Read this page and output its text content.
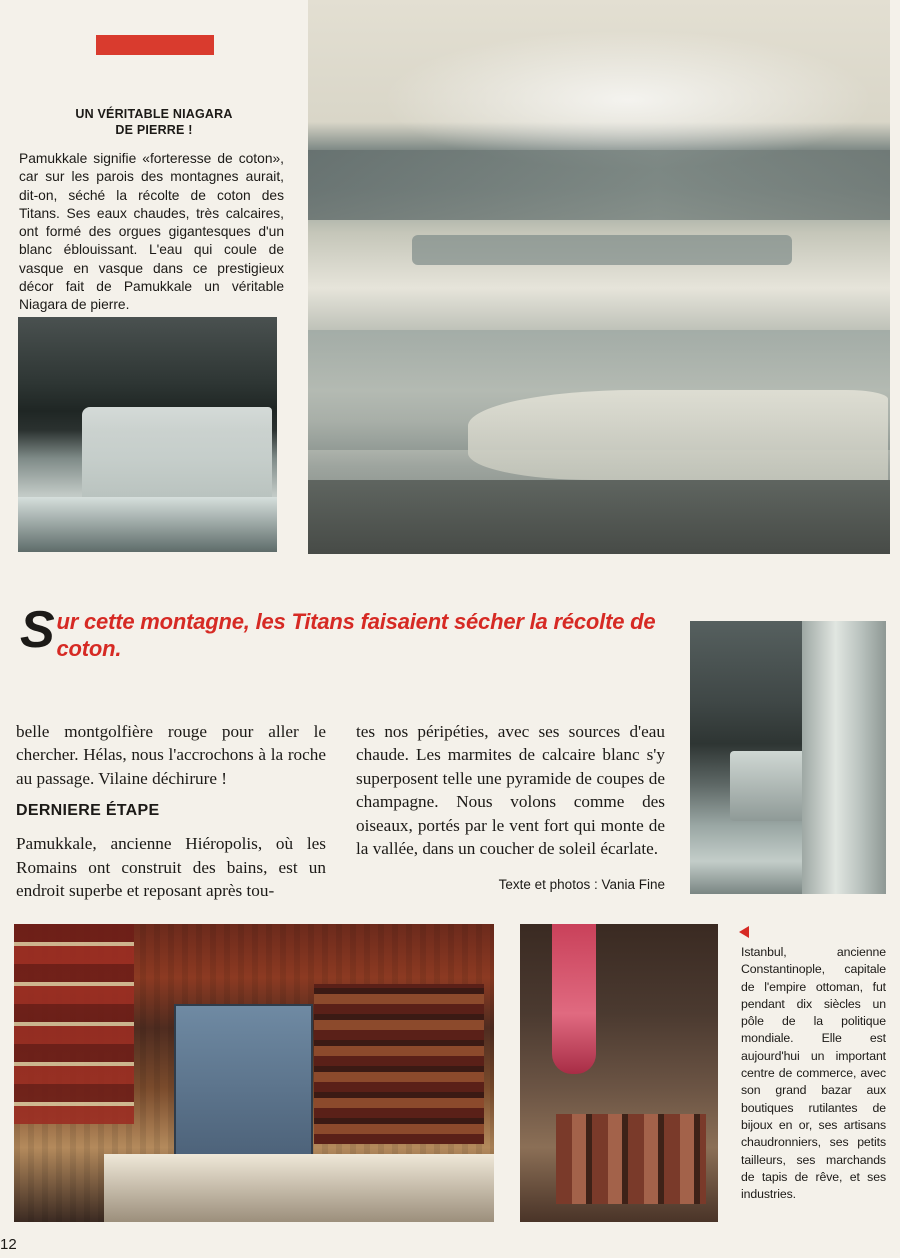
UN VÉRITABLE NIAGARA
DE PIERRE !
Pamukkale signifie «forteresse de coton», car sur les parois des montagnes aurait, dit-on, séché la récolte de coton des Titans. Ses eaux chaudes, très calcaires, ont formé des orgues gigantesques d'un blanc éblouissant. L'eau qui coule de vasque en vasque dans ce prestigieux décor fait de Pamukkale un véritable Niagara de pierre.
Sur cette montagne, les Titans faisaient sécher la récolte de coton.

belle montgolfière rouge pour aller le chercher. Hélas, nous l'accrochons à la roche au passage. Vilaine déchirure !

DERNIERE ÉTAPE

Pamukkale, ancienne Hiéropolis, où les Romains ont construit des bains, est un endroit superbe et reposant après tou-

tes nos péripéties, avec ses sources d'eau chaude. Les marmites de calcaire blanc s'y superposent telle une pyramide de coupes de champagne. Nous volons comme des oiseaux, portés par le vent fort qui monte de la vallée, dans un coucher de soleil écarlate.

Texte et photos : Vania Fine
Istanbul, ancienne Constantinople, capitale de l'empire ottoman, fut pendant dix siècles un pôle de la politique mondiale. Elle est aujourd'hui un important centre de commerce, avec son grand bazar aux boutiques rutilantes de bijoux en or, ses artisans chaudronniers, ses petits tailleurs, ses marchands de tapis de rêve, et ses industries.
12
